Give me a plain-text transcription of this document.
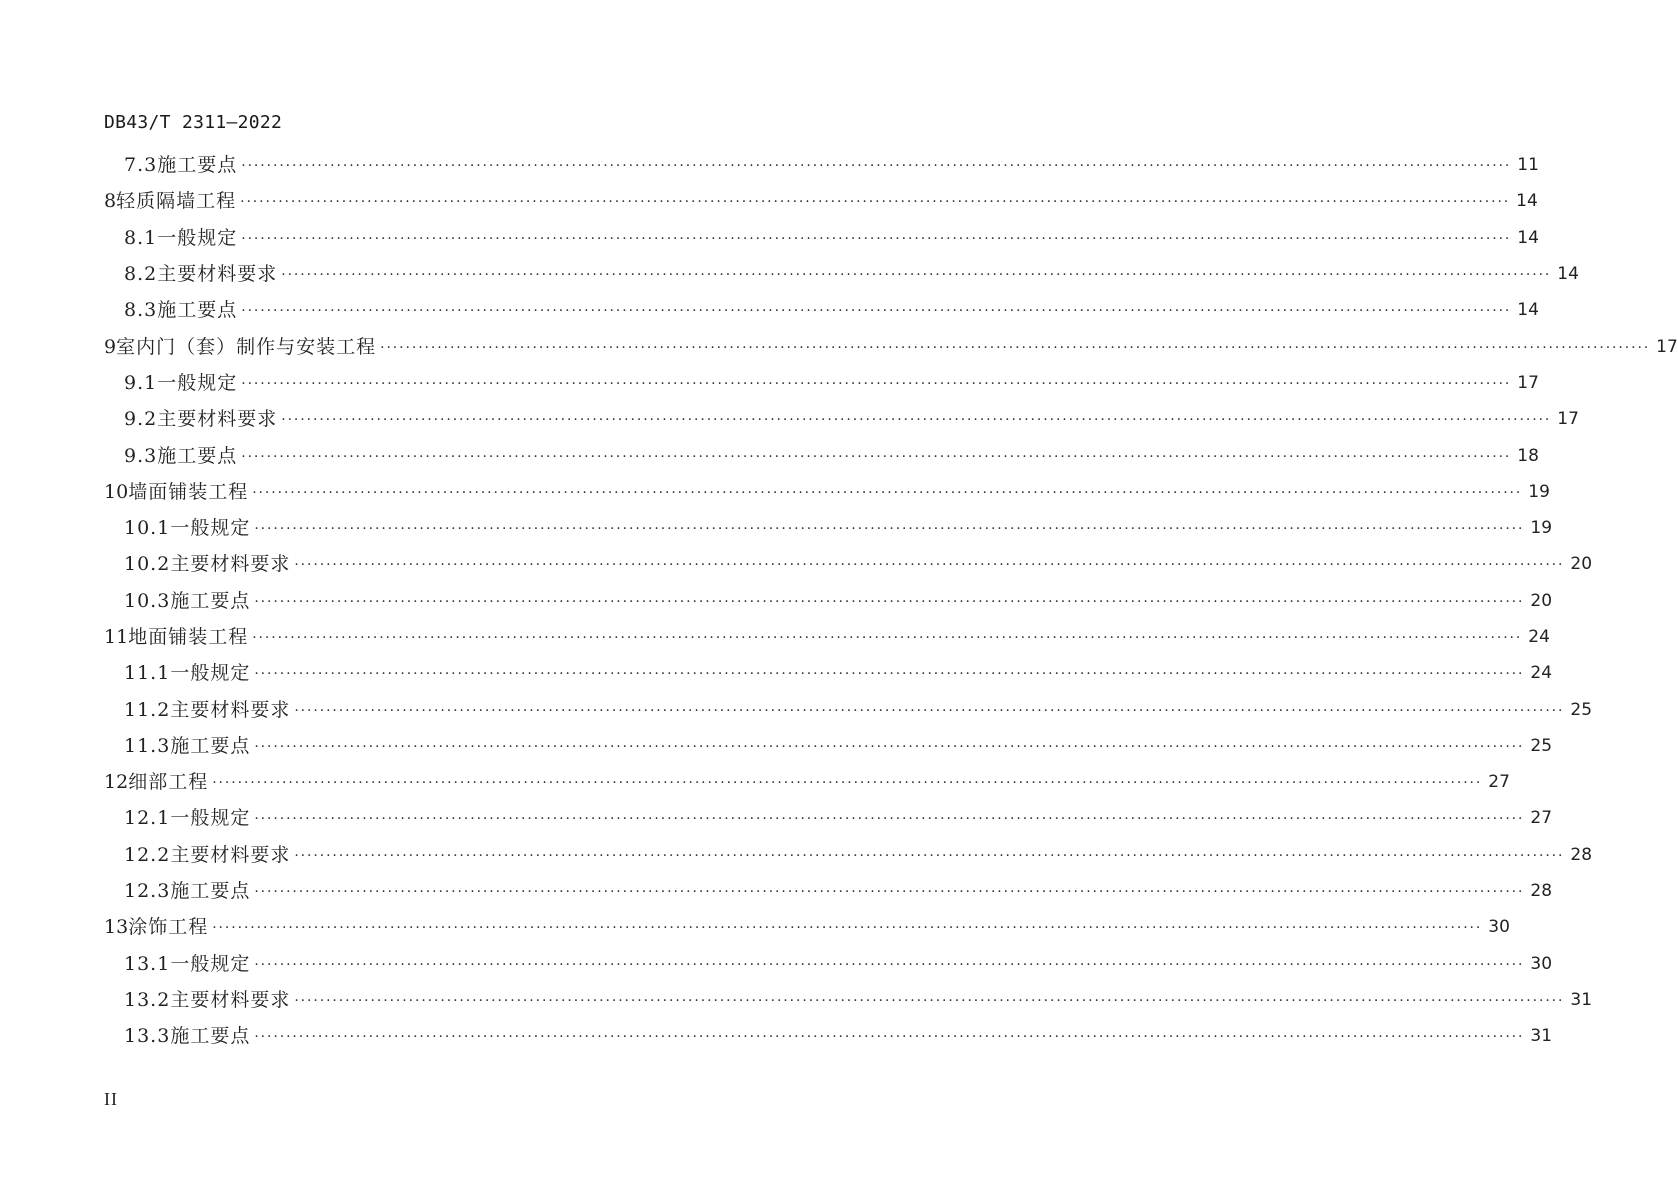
DB43/T 2311—2022
7.3 施工要点 ········································································································································································································ 11
8 轻质隔墙工程 ········································································································································································································ 14
8.1 一般规定 ········································································································································································································ 14
8.2 主要材料要求 ········································································································································································································ 14
8.3 施工要点 ········································································································································································································ 14
9 室内门（套）制作与安装工程 ········································································································································································································ 17
9.1 一般规定 ········································································································································································································ 17
9.2 主要材料要求 ········································································································································································································ 17
9.3 施工要点 ········································································································································································································ 18
10 墙面铺装工程 ········································································································································································································ 19
10.1 一般规定 ········································································································································································································ 19
10.2 主要材料要求 ········································································································································································································ 20
10.3 施工要点 ········································································································································································································ 20
11 地面铺装工程 ········································································································································································································ 24
11.1 一般规定 ········································································································································································································ 24
11.2 主要材料要求 ········································································································································································································ 25
11.3 施工要点 ········································································································································································································ 25
12 细部工程 ········································································································································································································ 27
12.1 一般规定 ········································································································································································································ 27
12.2 主要材料要求 ········································································································································································································ 28
12.3 施工要点 ········································································································································································································ 28
13 涂饰工程 ········································································································································································································ 30
13.1 一般规定 ········································································································································································································ 30
13.2 主要材料要求 ········································································································································································································ 31
13.3 施工要点 ········································································································································································································ 31
II
